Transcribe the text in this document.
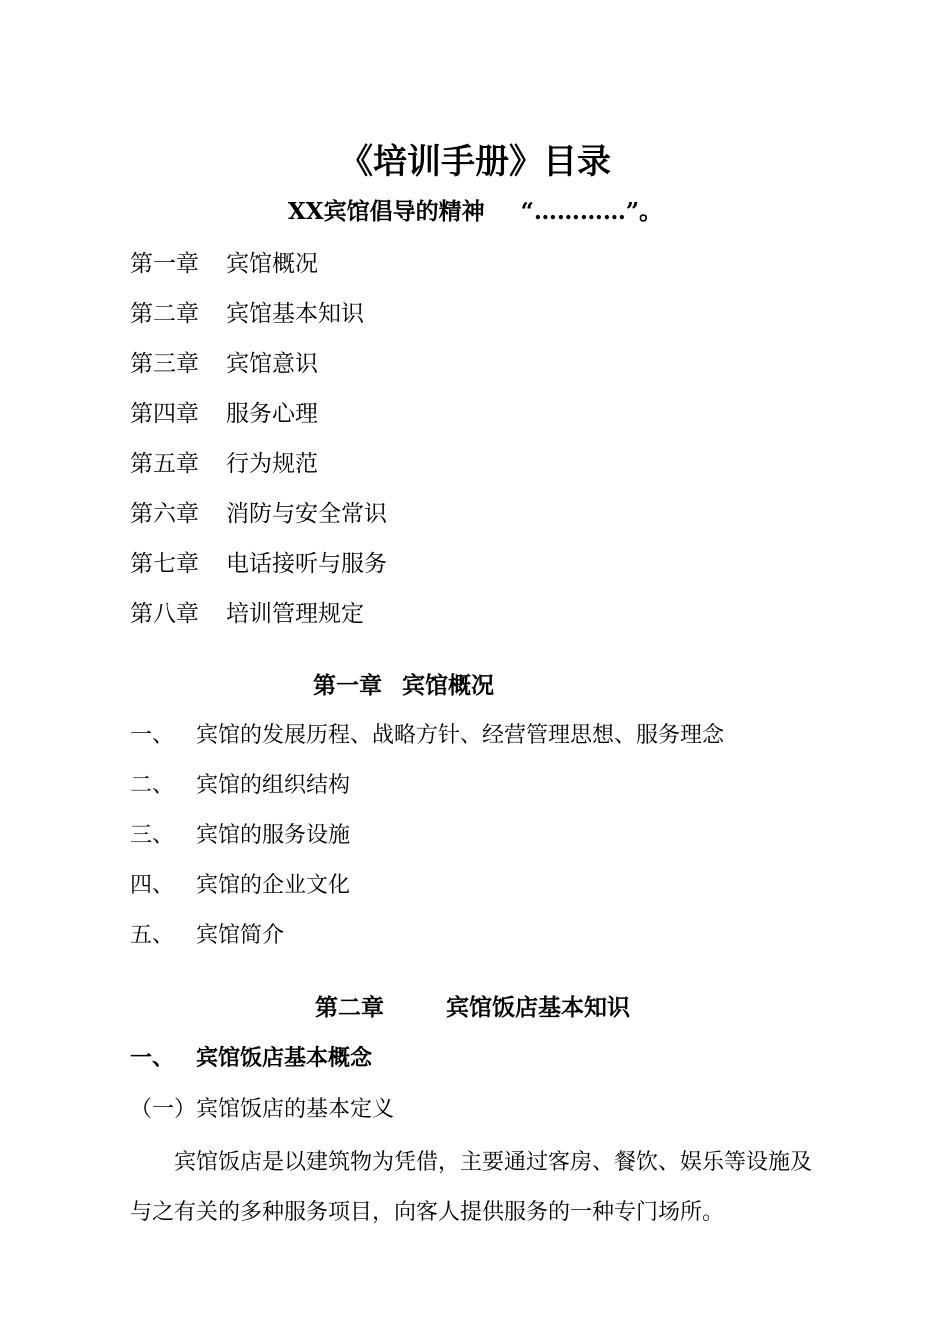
《培训手册》目录
XX宾馆倡导的精神 “…………”。
第一章 宾馆概况
第二章 宾馆基本知识
第三章 宾馆意识
第四章 服务心理
第五章 行为规范
第六章 消防与安全常识
第七章 电话接听与服务
第八章 培训管理规定
第一章 宾馆概况
一、 宾馆的发展历程、战略方针、经营管理思想、服务理念
二、 宾馆的组织结构
三、 宾馆的服务设施
四、 宾馆的企业文化
五、 宾馆简介
第二章	宾馆饭店基本知识
一、 宾馆饭店基本概念
（一）宾馆饭店的基本定义

宾馆饭店是以建筑物为凭借，主要通过客房、餐饮、娱乐等设施及与之有关的多种服务项目，向客人提供服务的一种专门场所。
